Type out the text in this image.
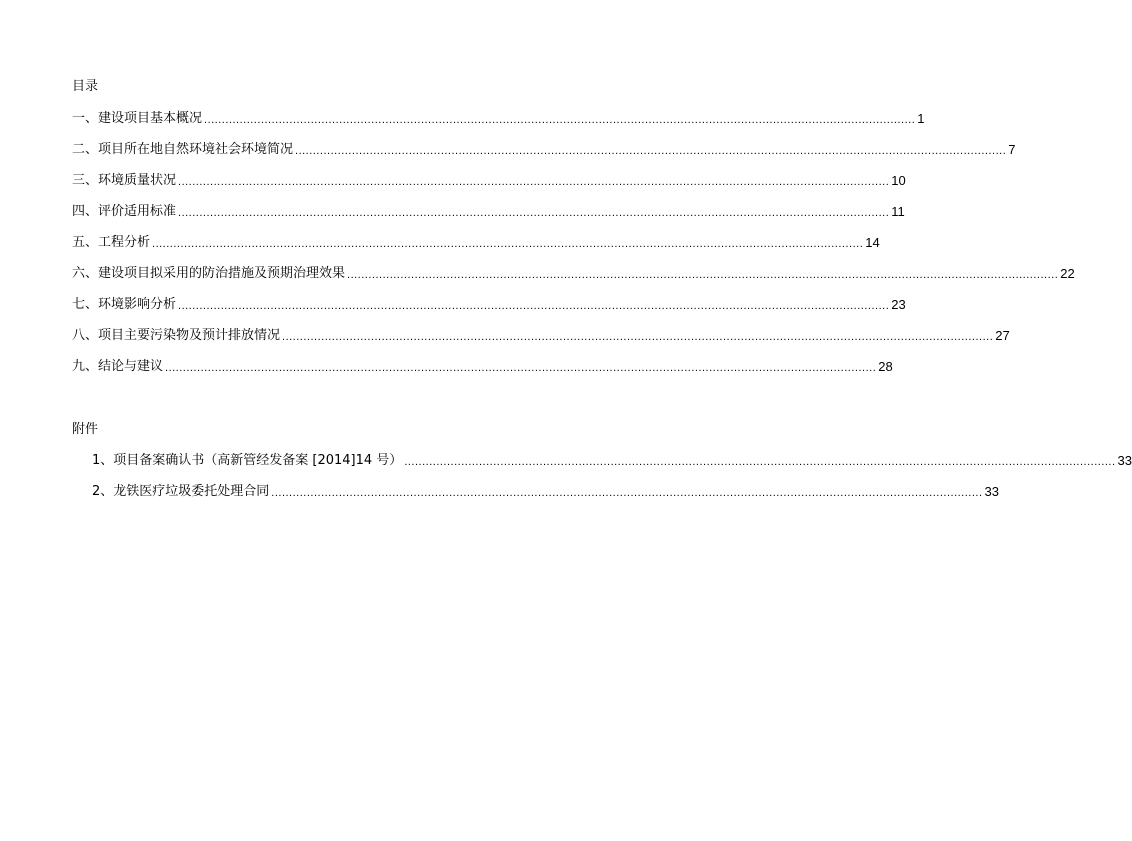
目录
一、建设项目基本概况 ........................................................................................................................................................................................................ 1
二、项目所在地自然环境社会环境简况 ........................................................................................................................................................................................................ 7
三、环境质量状况 ........................................................................................................................................................................................................ 10
四、评价适用标准 ........................................................................................................................................................................................................ 11
五、工程分析 ........................................................................................................................................................................................................ 14
六、建设项目拟采用的防治措施及预期治理效果 ........................................................................................................................................................................................................ 22
七、环境影响分析 ........................................................................................................................................................................................................ 23
八、项目主要污染物及预计排放情况 ........................................................................................................................................................................................................ 27
九、结论与建议 ........................................................................................................................................................................................................ 28
附件
1、项目备案确认书（高新管经发备案 [2014]14 号） ........................................................................................................................................................................................................ 33
2、龙铁医疗垃圾委托处理合同 ........................................................................................................................................................................................................ 33
